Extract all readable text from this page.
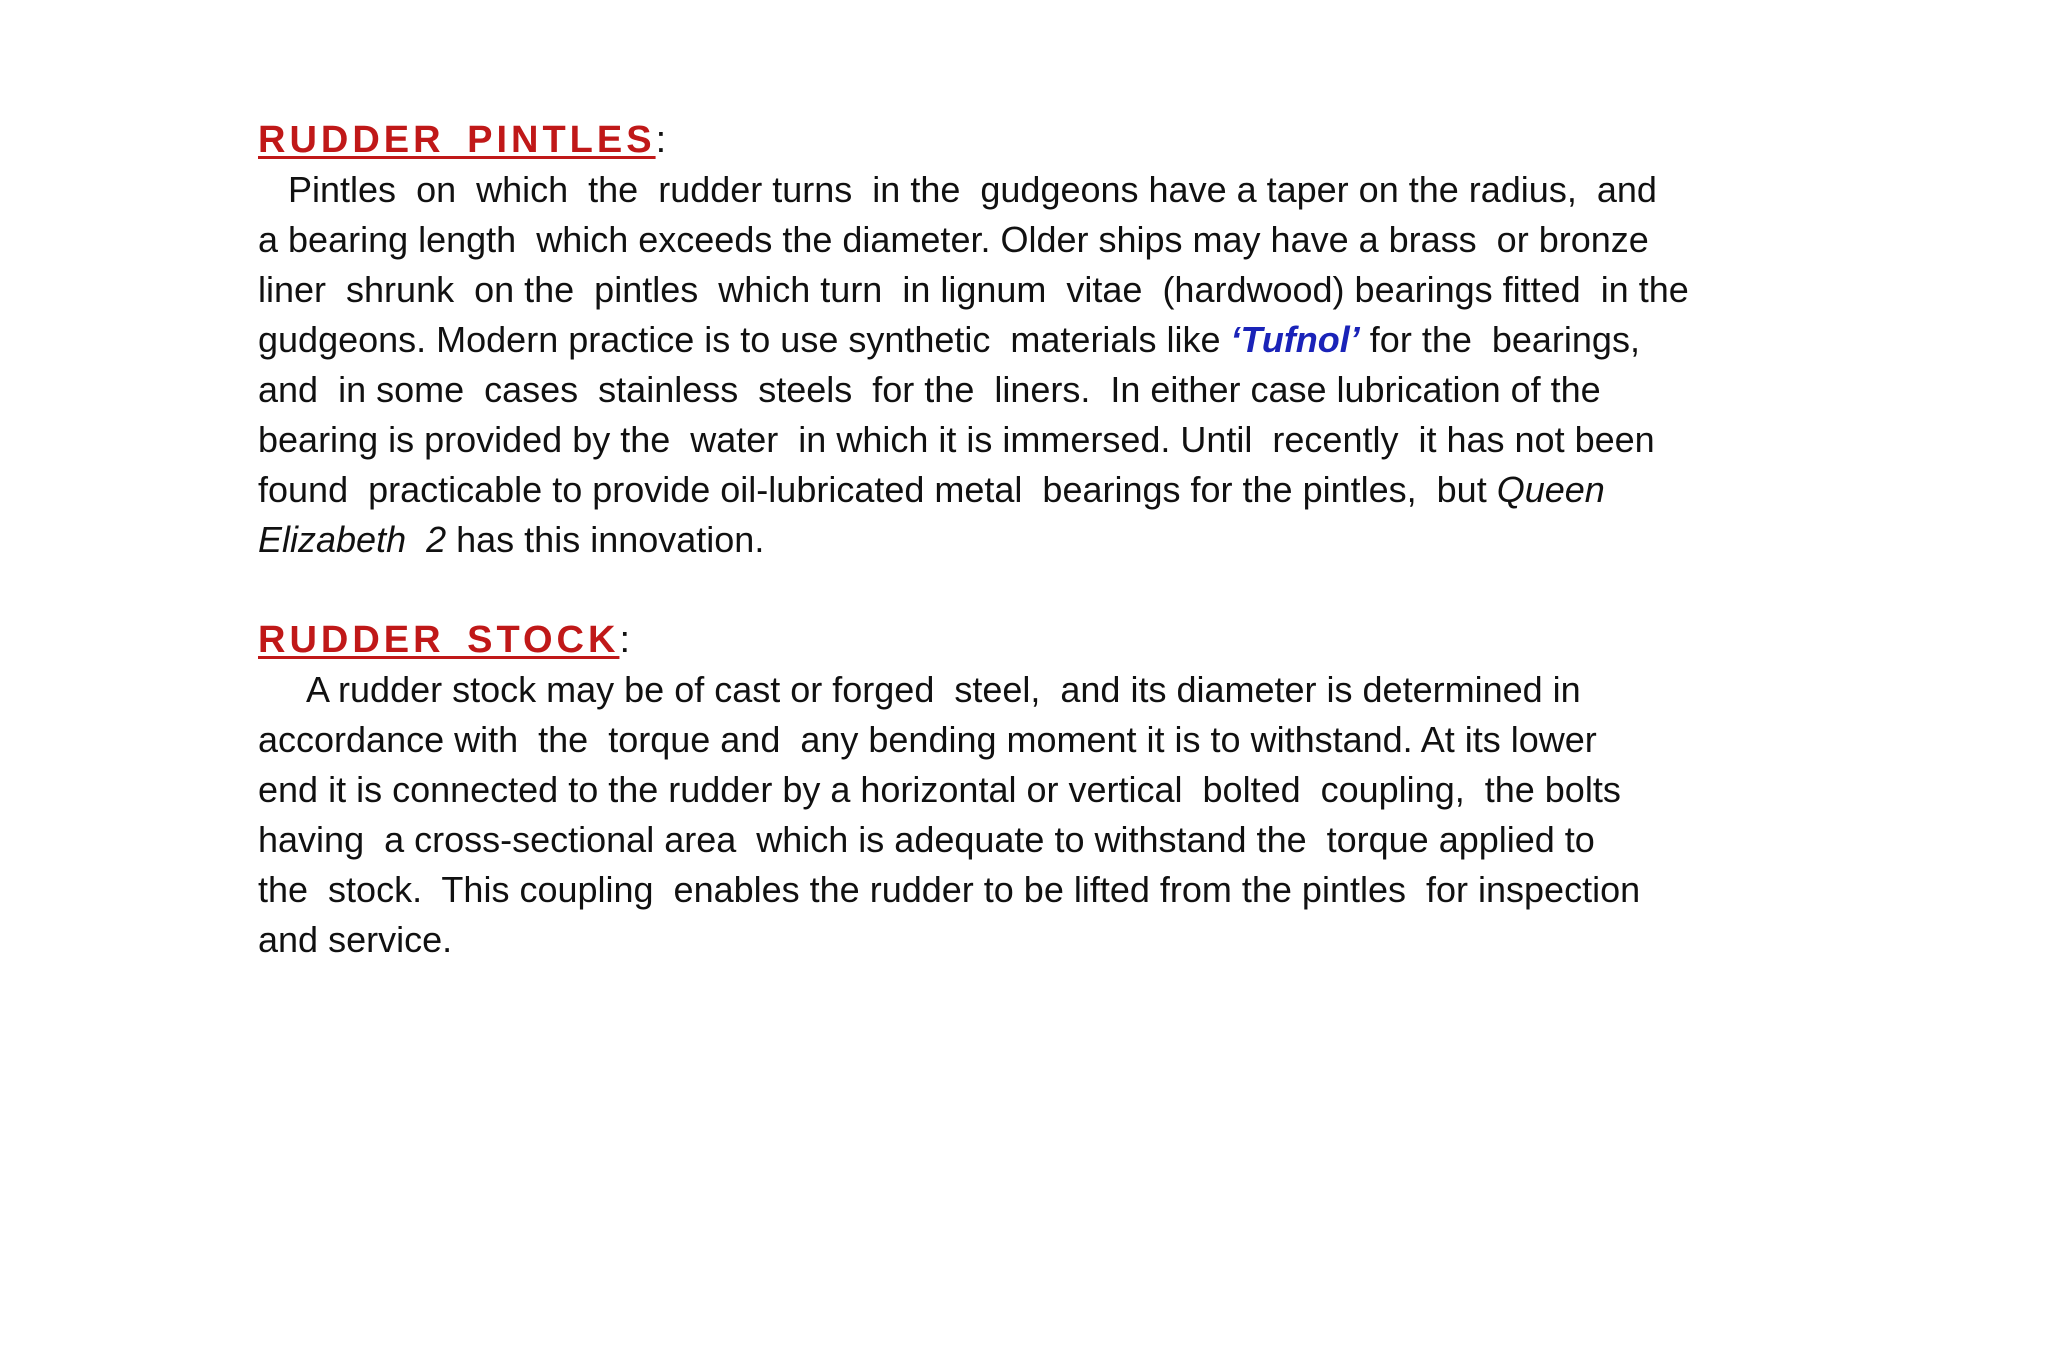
RUDDER PINTLES:
Pintles  on  which  the  rudder turns  in the  gudgeons have a taper on the radius,  and
a bearing length  which exceeds the diameter. Older ships may have a brass  or bronze
liner  shrunk  on the  pintles  which turn  in lignum  vitae  (hardwood) bearings fitted  in the
gudgeons. Modern practice is to use synthetic  materials like ‘Tufnol’ for the  bearings,
and  in some  cases  stainless  steels  for the  liners.  In either case lubrication of the
bearing is provided by the  water  in which it is immersed. Until  recently  it has not been
found  practicable to provide oil-lubricated metal  bearings for the pintles,  but Queen
Elizabeth  2 has this innovation.
RUDDER STOCK:
A rudder stock may be of cast or forged  steel,  and its diameter is determined in
accordance with  the  torque and  any bending moment it is to withstand. At its lower
end it is connected to the rudder by a horizontal or vertical  bolted  coupling,  the bolts
having  a cross-sectional area  which is adequate to withstand the  torque applied to
the  stock.  This coupling  enables the rudder to be lifted from the pintles  for inspection
and service.
